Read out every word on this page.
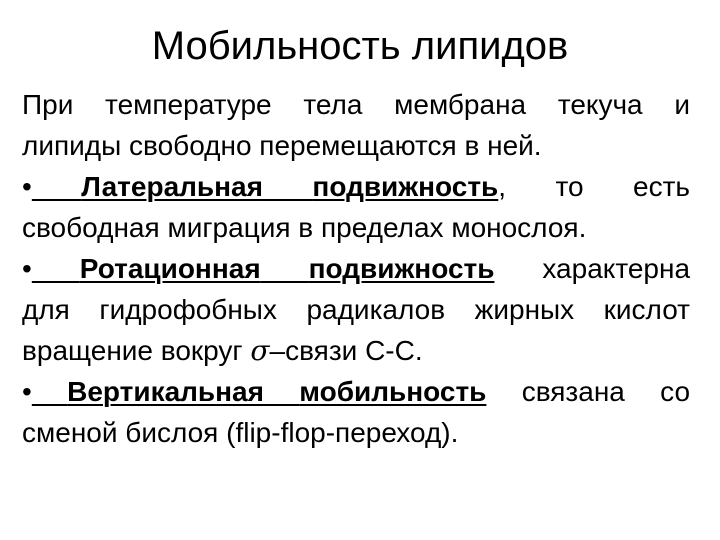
Мобильность липидов
При температуре тела мембрана текуча и
липиды свободно перемещаются в ней.
• Латеральная подвижность, то есть
свободная миграция в пределах монослоя.
• Ротационная подвижность характерна
для гидрофобных радикалов жирных кислот
вращение вокруг σ–связи С-С.
• Вертикальная мобильность связана со
сменой бислоя (flip-flop-переход).
